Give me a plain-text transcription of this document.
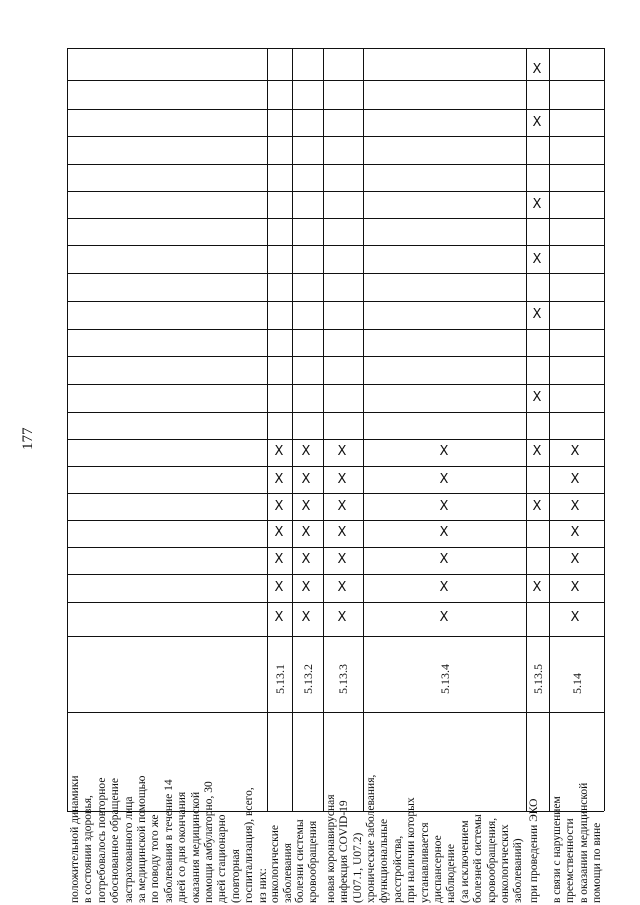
177
положительной динамики
в состоянии здоровья,
потребовалось повторное
обоснованное обращение
застрахованного лица
за медицинской помощью
по поводу того же
заболевания в течение 14
дней со дня окончания
оказания медицинской
помощи амбулаторно, 30
дней стационарно
(повторная
госпитализация), всего,
из них: онкологические
заболевания
5.13.1
болезни системы
кровообращения
5.13.2
новая коронавирусная
инфекция COVID-19
(U07.1, U07.2)
5.13.3
хронические заболевания,
функциональные
расстройства,
при наличии которых
устанавливается
диспансерное
наблюдение
(за исключением
болезней системы
кровообращения,
онкологических
заболеваний)
5.13.4
при проведении ЭКО
5.13.5
в связи с нарушением
преемственности
в оказании медицинской
помощи по вине
5.14
X
X
X
X
X
X
X
X
X
X
X
X
X
X
X
X
X
X
X
X
X
X
X
X
X
X
X
X
X
X
X
X
X
X
X
X
X
X
X
X
X
X
X
X
